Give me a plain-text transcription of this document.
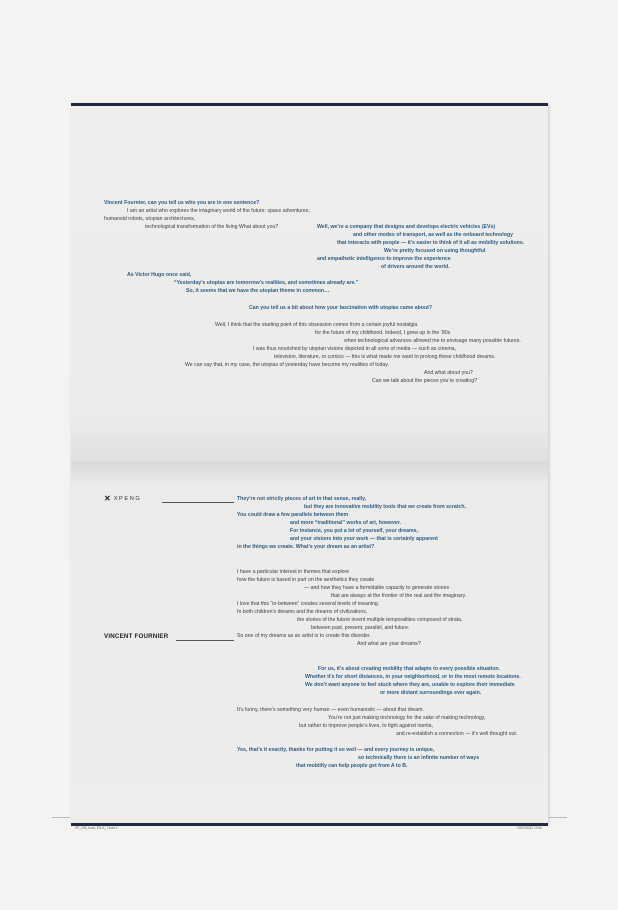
Vincent Fournier, can you tell us who you are in one sentence?
I am an artist who explores the imaginary world of the future: space adventures,
humanoid robots, utopian architectures,
technological transformation of the living What about you?	Well, we’re a company that designs and develops electric vehicles (EVs)
and other modes of transport, as well as the onboard technology
that interacts with people — it’s easier to think of it all as mobility solutions.
We’re pretty focused on using thoughtful
and empathetic intelligence to improve the experience
of drivers around the world.
As Victor Hugo once said,
“Yesterday’s utopias are tomorrow’s realities, and sometimes already are.”
So, it seems that we have the utopian theme in common…
Can you tell us a bit about how your fascination with utopias came about?
Well, I think that the starting point of this obsession comes from a certain joyful nostalgia
for the future of my childhood. Indeed, I grew up in the ’80s
when technological advances allowed me to envisage many possible futures.
I was thus nourished by utopian visions depicted in all sorts of media — such as cinema,
television, literature, or comics — this is what made me want to prolong these childhood dreams.
We can say that, in my case, the utopias of yesterday have become my realities of today.
And what about you?
Can we talk about the pieces you’re creating?
✕ XPENG
VINCENT FOURNIER
They’re not strictly pieces of art in that sense, really,
but they are innovative mobility tools that we create from scratch.
You could draw a few parallels between them
and more “traditional” works of art, however.
For instance, you put a lot of yourself, your dreams,
and your visions into your work — that is certainly apparent
in the things we create. What’s your dream as an artist?
I have a particular interest in themes that explore
how the future is based in part on the aesthetics they create
— and how they have a formidable capacity to generate stories
that are always at the frontier of the real and the imaginary.
I love that this “in-between” creates several levels of meaning.
In both children’s dreams and the dreams of civilizations,
the stories of the future invent multiple temporalities composed of strata,
between past, present, parallel, and future.
So one of my dreams as an artist is to create this disorder.
And what are your dreams?
For us, it’s about creating mobility that adapts to every possible situation.
Whether it’s for short distances, in your neighborhood, or in the most remote locations.
We don’t want anyone to feel stuck where they are, unable to explore their immediate
or more distant surroundings ever again.
It’s funny, there’s something very human — even humanistic — about that dream.
You’re not just making technology for the sake of making technology,
but rather to improve people’s lives, to fight against inertia,
and re-establish a connection — it’s well thought out.
Yes, that’s it exactly, thanks for putting it so well — and every journey is unique,
so technically there is an infinite number of ways
that mobility can help people get from A to B.
XP_198_book_EN-A_7.indd 9	19/02/2022 12:58
